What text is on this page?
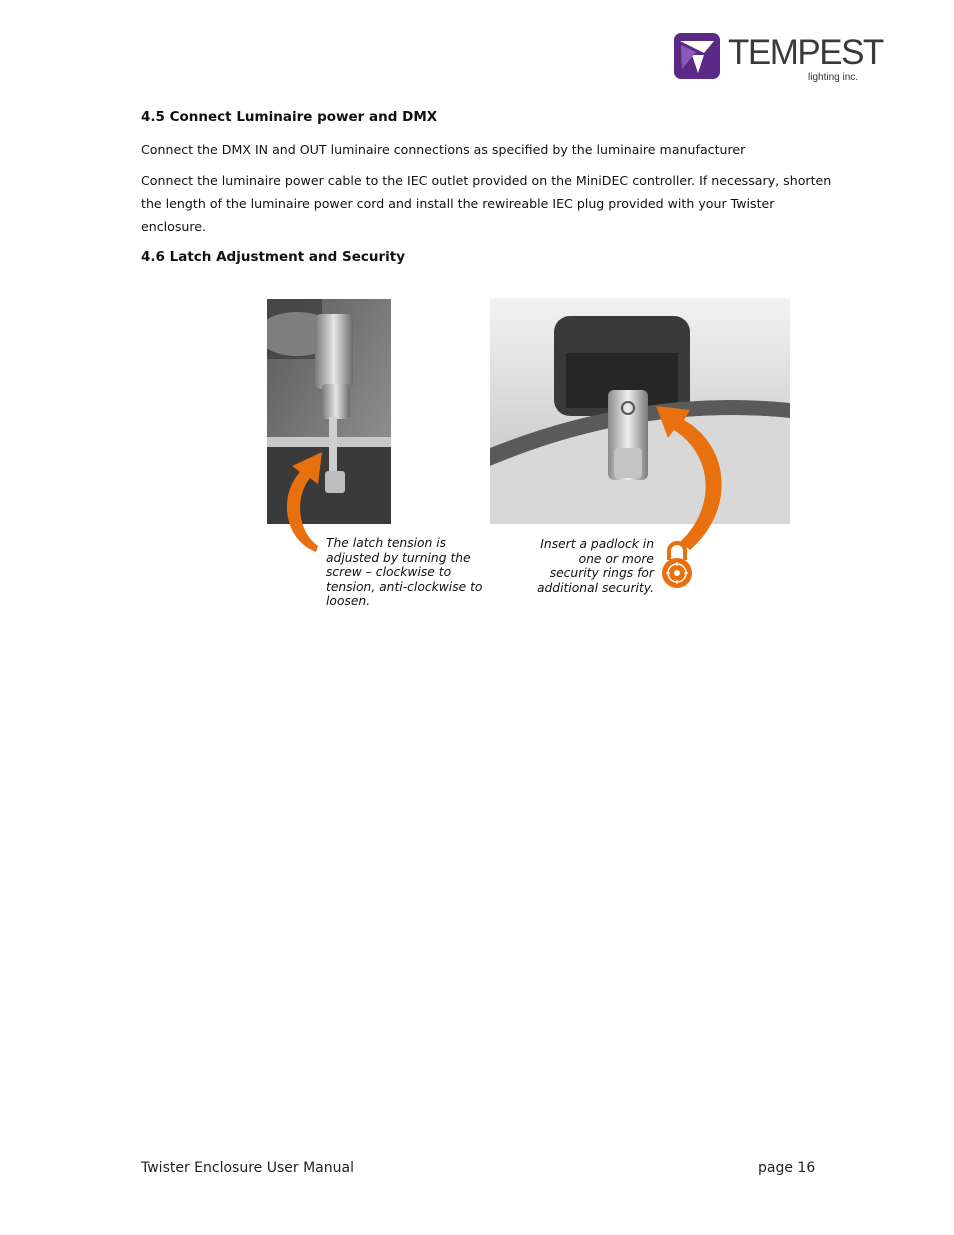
TEMPEST
lighting inc.
4.5 Connect Luminaire power and DMX

Connect the DMX IN and OUT luminaire connections as specified by the luminaire manufacturer

Connect the luminaire power cable to the IEC outlet provided on the MiniDEC controller. If necessary, shorten the length of the luminaire power cord and install the rewireable IEC plug provided with your Twister enclosure.

4.6 Latch Adjustment and Security

The latch tension is adjusted by turning the screw – clockwise to tension, anti-clockwise to loosen.

Insert a padlock in one or more security rings for additional security.

Twister Enclosure User Manual	page 16
